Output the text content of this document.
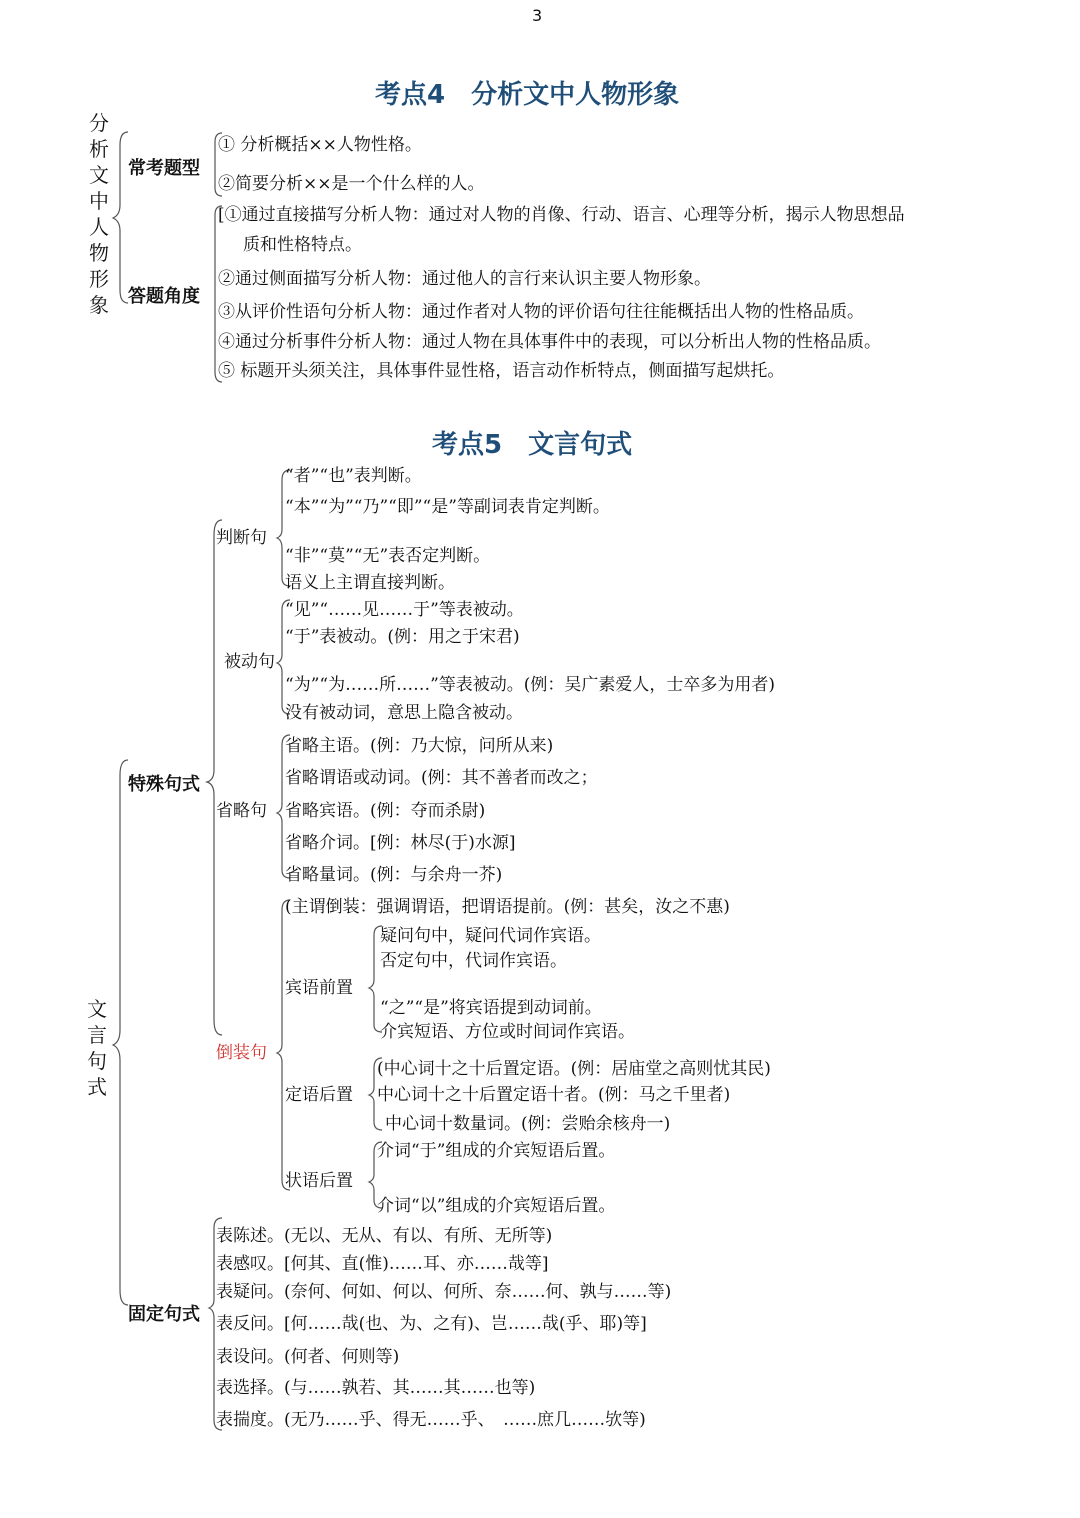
3
考点4　分析文中人物形象
分析文中人物形象
常考题型
① 分析概括××人物性格。
②简要分析××是一个什么样的人。
答题角度
[①通过直接描写分析人物：通过对人物的肖像、行动、语言、心理等分析，揭示人物思想品
质和性格特点。
②通过侧面描写分析人物：通过他人的言行来认识主要人物形象。
③从评价性语句分析人物：通过作者对人物的评价语句往往能概括出人物的性格品质。
④通过分析事件分析人物：通过人物在具体事件中的表现，可以分析出人物的性格品质。
⑤ 标题开头须关注，具体事件显性格，语言动作析特点，侧面描写起烘托。
考点5　文言句式
文言句式
特殊句式
判断句
“者”“也”表判断。
“本”“为”“乃”“即”“是”等副词表肯定判断。
“非”“莫”“无”表否定判断。
语义上主谓直接判断。
被动句
“见”“……见……于”等表被动。
“于”表被动。(例：用之于宋君)
“为”“为……所……”等表被动。(例：吴广素爱人，士卒多为用者)
没有被动词，意思上隐含被动。
省略句
省略主语。(例：乃大惊，问所从来)
省略谓语或动词。(例：其不善者而改之；
省略宾语。(例：夺而杀尉)
省略介词。[例：林尽(于)水源]
省略量词。(例：与余舟一芥)
倒装句
(主谓倒装：强调谓语，把谓语提前。(例：甚矣，汝之不惠)
宾语前置
疑问句中，疑问代词作宾语。
否定句中，代词作宾语。
“之”“是”将宾语提到动词前。
介宾短语、方位或时间词作宾语。
定语后置
(中心词十之十后置定语。(例：居庙堂之高则忧其民)
中心词十之十后置定语十者。(例：马之千里者)
中心词十数量词。(例：尝贻余核舟一)
状语后置
介词“于”组成的介宾短语后置。
介词“以”组成的介宾短语后置。
固定句式
表陈述。(无以、无从、有以、有所、无所等)
表感叹。[何其、直(惟)……耳、亦……哉等]
表疑问。(奈何、何如、何以、何所、奈……何、孰与……等)
表反问。[何……哉(也、为、之有)、岂……哉(乎、耶)等]
表设问。(何者、何则等)
表选择。(与……孰若、其……其……也等)
表揣度。(无乃……乎、得无……乎、　……庶几……欤等)
